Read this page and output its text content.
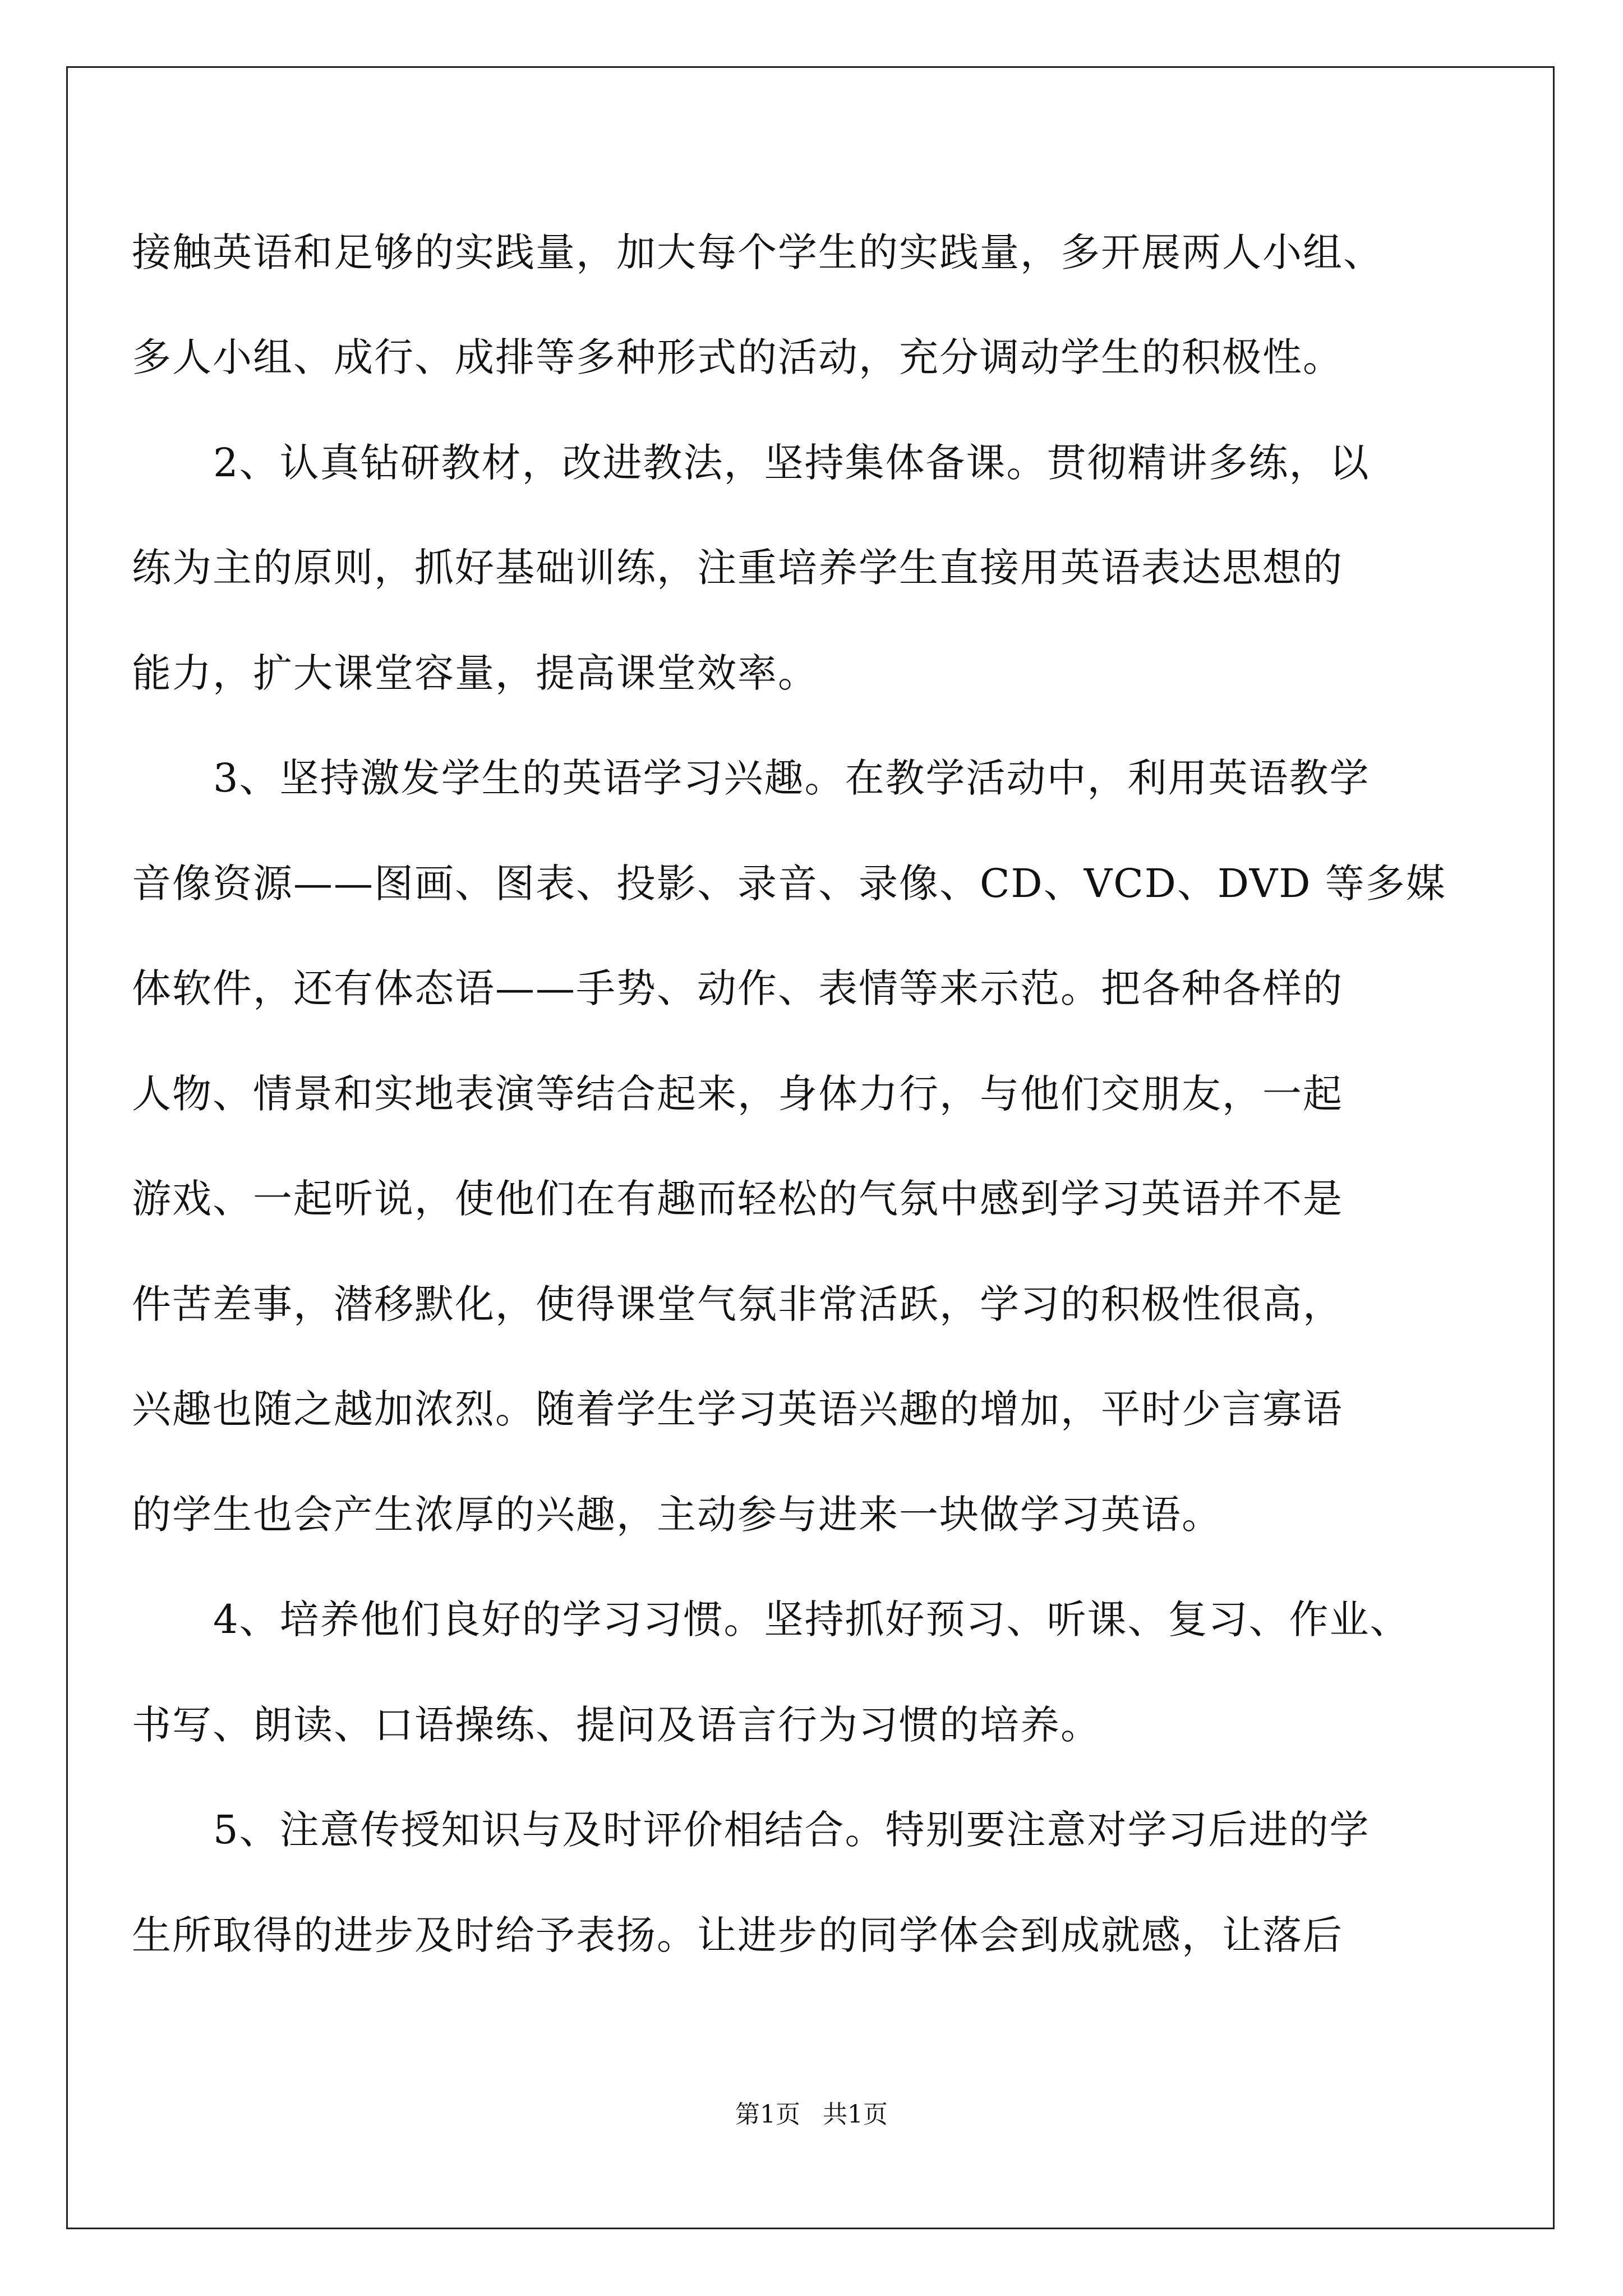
接触英语和足够的实践量，加大每个学生的实践量，多开展两人小组、
多人小组、成行、成排等多种形式的活动，充分调动学生的积极性。
2、认真钻研教材，改进教法，坚持集体备课。贯彻精讲多练，以
练为主的原则，抓好基础训练，注重培养学生直接用英语表达思想的
能力，扩大课堂容量，提高课堂效率。
3、坚持激发学生的英语学习兴趣。在教学活动中，利用英语教学
音像资源——图画、图表、投影、录音、录像、CD、VCD、DVD 等多媒
体软件，还有体态语——手势、动作、表情等来示范。把各种各样的
人物、情景和实地表演等结合起来，身体力行，与他们交朋友，一起
游戏、一起听说，使他们在有趣而轻松的气氛中感到学习英语并不是
件苦差事，潜移默化，使得课堂气氛非常活跃，学习的积极性很高，
兴趣也随之越加浓烈。随着学生学习英语兴趣的增加，平时少言寡语
的学生也会产生浓厚的兴趣，主动参与进来一块做学习英语。
4、培养他们良好的学习习惯。坚持抓好预习、听课、复习、作业、
书写、朗读、口语操练、提问及语言行为习惯的培养。
5、注意传授知识与及时评价相结合。特别要注意对学习后进的学
生所取得的进步及时给予表扬。让进步的同学体会到成就感，让落后
第1页 共1页
